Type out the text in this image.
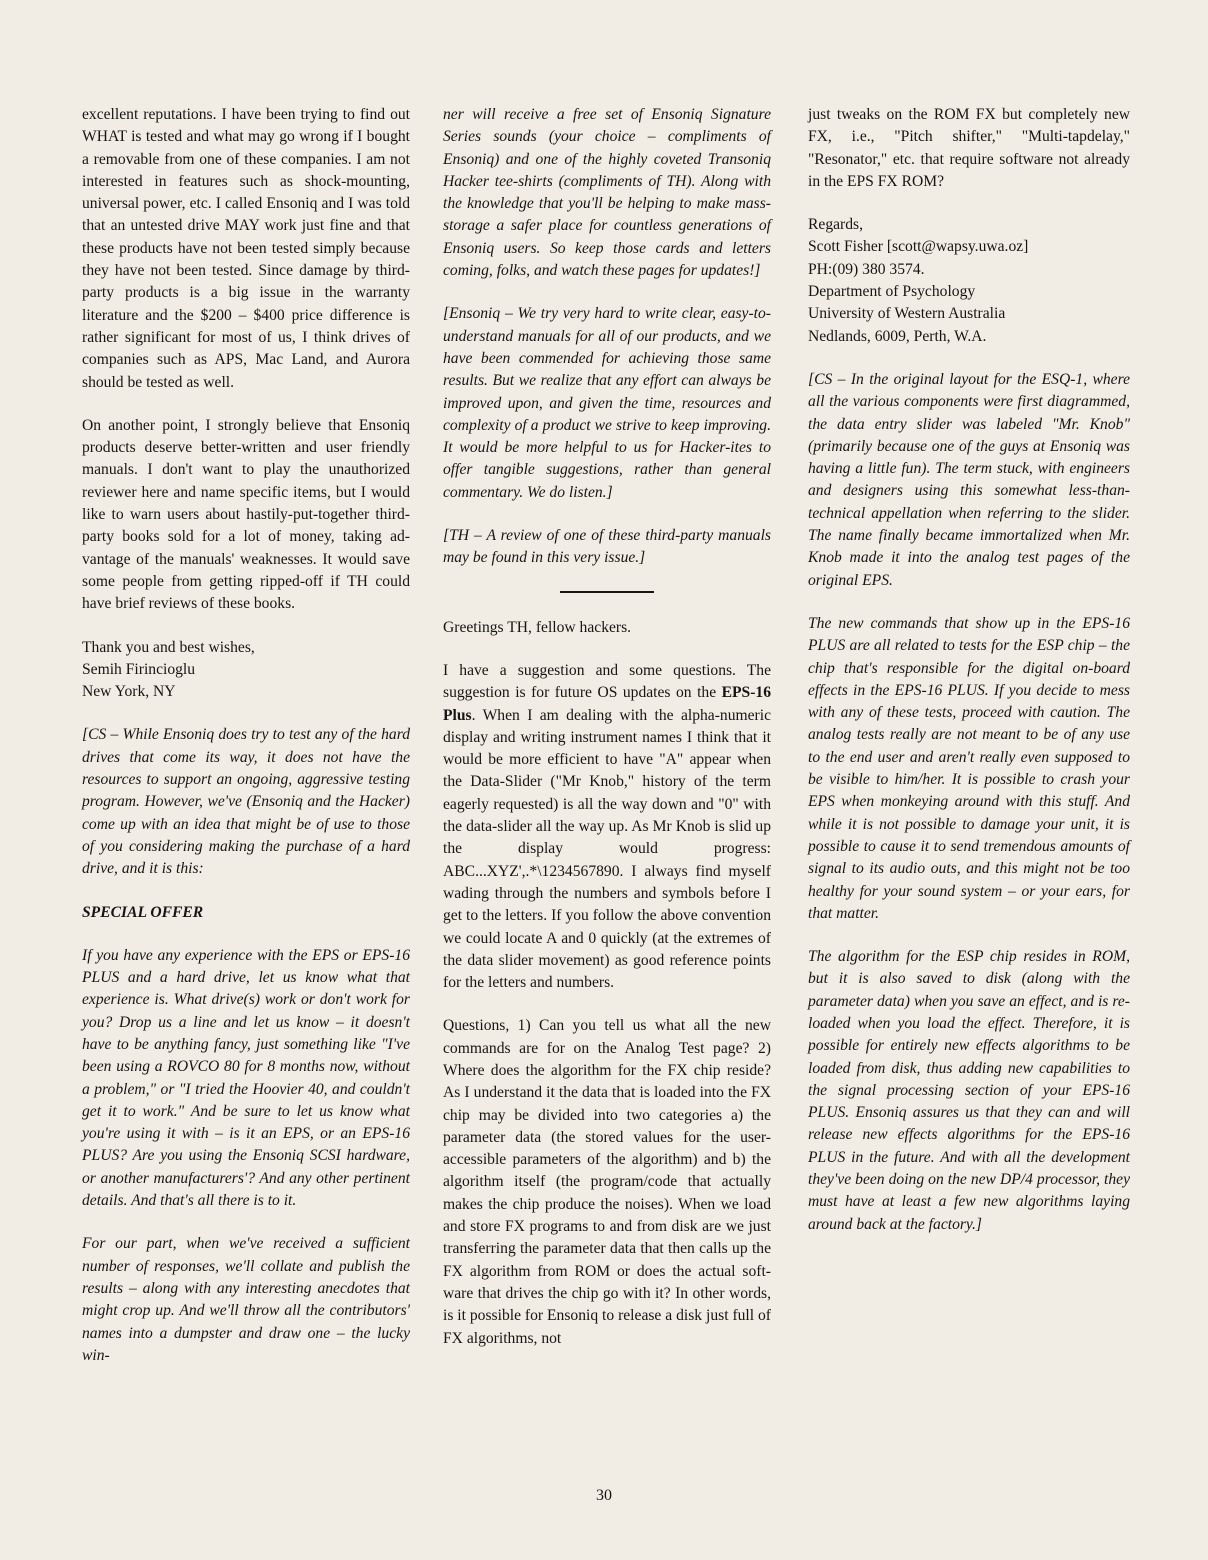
excellent reputations. I have been trying to find out WHAT is tested and what may go wrong if I bought a removable from one of these companies. I am not interested in features such as shock-mounting, universal power, etc. I called Ensoniq and I was told that an untested drive MAY work just fine and that these products have not been tested simply because they have not been tested. Since damage by third-party products is a big issue in the warranty literature and the $200 – $400 price difference is rather significant for most of us, I think drives of companies such as APS, Mac Land, and Aurora should be tested as well.

On another point, I strongly believe that Ensoniq products deserve better-written and user friendly manuals. I don't want to play the unauthorized reviewer here and name specific items, but I would like to warn users about hastily-put-together third-party books sold for a lot of money, taking advantage of the manuals' weaknesses. It would save some people from getting ripped-off if TH could have brief reviews of these books.

Thank you and best wishes,
Semih Firincioglu
New York, NY

[CS – While Ensoniq does try to test any of the hard drives that come its way, it does not have the resources to support an ongoing, aggressive testing program. However, we've (Ensoniq and the Hacker) come up with an idea that might be of use to those of you considering making the purchase of a hard drive, and it is this:

SPECIAL OFFER

If you have any experience with the EPS or EPS-16 PLUS and a hard drive, let us know what that experience is. What drive(s) work or don't work for you? Drop us a line and let us know – it doesn't have to be anything fancy, just something like "I've been using a ROVCO 80 for 8 months now, without a problem," or "I tried the Hoovier 40, and couldn't get it to work." And be sure to let us know what you're using it with – is it an EPS, or an EPS-16 PLUS? Are you using the Ensoniq SCSI hardware, or another manufacturers'? And any other pertinent details. And that's all there is to it.

For our part, when we've received a sufficient number of responses, we'll collate and publish the results – along with any interesting anecdotes that might crop up. And we'll throw all the contributors' names into a dumpster and draw one – the lucky win-

ner will receive a free set of Ensoniq Signature Series sounds (your choice – compliments of Ensoniq) and one of the highly coveted Transoniq Hacker tee-shirts (compliments of TH). Along with the knowledge that you'll be helping to make mass-storage a safer place for countless generations of Ensoniq users. So keep those cards and letters coming, folks, and watch these pages for updates!]

[Ensoniq – We try very hard to write clear, easy-to-understand manuals for all of our products, and we have been commended for achieving those same results. But we realize that any effort can always be improved upon, and given the time, resources and complexity of a product we strive to keep improving. It would be more helpful to us for Hacker-ites to offer tangible suggestions, rather than general commentary. We do listen.]

[TH – A review of one of these third-party manuals may be found in this very issue.]

Greetings TH, fellow hackers.

I have a suggestion and some questions. The suggestion is for future OS updates on the EPS-16 Plus. When I am dealing with the alpha-numeric display and writing instrument names I think that it would be more efficient to have "A" appear when the Data-Slider ("Mr Knob," history of the term eagerly requested) is all the way down and "0" with the data-slider all the way up. As Mr Knob is slid up the display would progress: ABC...XYZ',.*\1234567890. I always find myself wading through the numbers and symbols before I get to the letters. If you follow the above convention we could locate A and 0 quickly (at the extremes of the data slider movement) as good reference points for the letters and numbers.

Questions, 1) Can you tell us what all the new commands are for on the Analog Test page? 2) Where does the algorithm for the FX chip reside? As I understand it the data that is loaded into the FX chip may be divided into two categories a) the parameter data (the stored values for the user-accessible parameters of the algorithm) and b) the algorithm itself (the program/code that actually makes the chip produce the noises). When we load and store FX programs to and from disk are we just transferring the parameter data that then calls up the FX algorithm from ROM or does the actual software that drives the chip go with it? In other words, is it possible for Ensoniq to release a disk just full of FX algorithms, not

just tweaks on the ROM FX but completely new FX, i.e., "Pitch shifter," "Multi-tapdelay," "Resonator," etc. that require software not already in the EPS FX ROM?

Regards,
Scott Fisher [scott@wapsy.uwa.oz]
PH:(09) 380 3574.
Department of Psychology
University of Western Australia
Nedlands, 6009, Perth, W.A.

[CS – In the original layout for the ESQ-1, where all the various components were first diagrammed, the data entry slider was labeled "Mr. Knob" (primarily because one of the guys at Ensoniq was having a little fun). The term stuck, with engineers and designers using this somewhat less-thantechnical appellation when referring to the slider. The name finally became immortalized when Mr. Knob made it into the analog test pages of the original EPS.

The new commands that show up in the EPS-16 PLUS are all related to tests for the ESP chip – the chip that's responsible for the digital on-board effects in the EPS-16 PLUS. If you decide to mess with any of these tests, proceed with caution. The analog tests really are not meant to be of any use to the end user and aren't really even supposed to be visible to him/her. It is possible to crash your EPS when monkeying around with this stuff. And while it is not possible to damage your unit, it is possible to cause it to send tremendous amounts of signal to its audio outs, and this might not be too healthy for your sound system – or your ears, for that matter.

The algorithm for the ESP chip resides in ROM, but it is also saved to disk (along with the parameter data) when you save an effect, and is re-loaded when you load the effect. Therefore, it is possible for entirely new effects algorithms to be loaded from disk, thus adding new capabilities to the signal processing section of your EPS-16 PLUS. Ensoniq assures us that they can and will release new effects algorithms for the EPS-16 PLUS in the future. And with all the development they've been doing on the new DP/4 processor, they must have at least a few new algorithms laying around back at the factory.]

30
